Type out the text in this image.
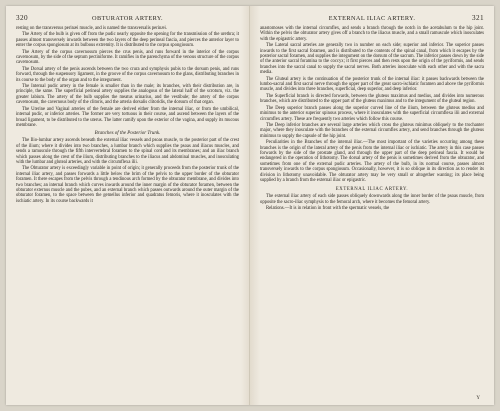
320	OBTURATOR ARTERY.

resting on the transversus perinæi muscle, and is named the transversalis perinæi.

The Artery of the bulb is given off from the pudic nearly opposite the opening for the transmission of the urethra; it passes almost transversely inwards between the two layers of the deep perineal fascia, and pierces the anterior layer to enter the corpus spongiosum at its bulbous extremity. It is distributed to the corpus spongiosum.

The Artery of the corpus cavernosum pierces the crus penis, and runs forward in the interior of the corpus cavernosum, by the side of the septum pectiniforme. It ramifies in the parenchyma of the venous structure of the corpus cavernosum.

The Dorsal artery of the penis ascends between the two crura and symphysis pubis to the dorsum penis, and runs forward, through the suspensory ligament, in the groove of the corpus cavernosum to the glans, distributing branches in its course to the body of the organ and to the integument.

The Internal pudic artery in the female is smaller than in the male; its branches, with their distribution are, in principle, the same. The superficial perineal artery supplies the analogous of the lateral half of the scrotum, viz. the greater labium. The artery of the bulb supplies the meatus urinarius, and the vestibule; the artery of the corpus cavernosum, the cavernous body of the clitoris, and the arteria dorsalis clitoridis, the dorsum of that organ.

The Uterine and Vaginal arteries of the female are derived either from the internal iliac, or from the umbilical, internal pudic, or inferior arteries. The former are very tortuous in their course, and ascend between the layers of the broad ligament, to be distributed to the uterus. The latter ramify upon the exterior of the vagina, and supply its mucous membrane.

Branches of the Posterior Trunk.

The Ilio-lumbar artery ascends beneath the external iliac vessels and psoas muscle, to the posterior part of the crest of the ilium; where it divides into two branches, a lumbar branch which supplies the psoas and iliacus muscles, and sends a ramuscule through the fifth intervertebral foramen to the spinal cord and its membranes; and an iliac branch which passes along the crest of the ilium, distributing branches to the iliacus and abdominal muscles, and inosculating with the lumbar and gluteal arteries, and with the circumflexa ilii.

The Obturator artery is exceedingly variable in point of origin; it generally proceeds from the posterior trunk of the internal iliac artery, and passes forwards a little below the brim of the pelvis to the upper border of the obturator foramen. It there escapes from the pelvis through a tendinous arch formed by the obturator membrane, and divides into two branches; an internal branch which curves inwards around the inner margin of the obturator foramen, between the obturator externus muscle and the pubes, and an external branch which passes outwards around the outer margin of the obturator foramen, to the space between the gemellus inferior and quadratus femoris, where it inosculates with the ischiatic artery. In its course backwards it

EXTERNAL ILIAC ARTERY.	321

anastomoses with the internal circumflex, and sends a branch through the notch in the acetabulum to the hip joint. Within the pelvis the obturator artery gives off a branch to the iliacus muscle, and a small ramuscule which inosculates with the epigastric artery.

The Lateral sacral arteries are generally two in number on each side; superior and inferior. The superior passes inwards to the first sacral foramen, and is distributed to the contents of the spinal canal, from which it escapes by the posterior sacral foramen, and supplies the integument on the dorsum of the sacrum. The inferior passes down by the side of the anterior sacral foramina to the coccyx; it first pierces and then rests upon the origin of the pyriformis, and sends branches into the sacral canal to supply the sacral nerves. Both arteries inosculate with each other and with the sacra media.

The Gluteal artery is the continuation of the posterior trunk of the internal iliac: it passes backwards between the lumbo-sacral and first sacral nerve through the upper part of the great sacro-ischiatic foramen and above the pyriformis muscle, and divides into three branches, superficial, deep superior, and deep inferior.

The Superficial branch is directed forwards, between the gluteus maximus and medius, and divides into numerous branches, which are distributed to the upper part of the gluteus maximus and to the integument of the gluteal region.

The Deep superior branch passes along the superior curved line of the ilium, between the gluteus medius and minimus to the anterior superior spinous process, where it inosculates with the superficial circumflexa ilii and external circumflex artery. These are frequently two arteries which follow this course.

The Deep inferior branches are several large arteries which cross the gluteus minimus obliquely to the trochanter major, where they inosculate with the branches of the external circumflex artery, and send branches through the gluteus minimus to supply the capsule of the hip joint.

Peculiarities in the Branches of the internal iliac.—The most important of the varieties occurring among these branches is the origin of the lateral artery of the penis from the internal iliac or ischiatic. The artery in this case passes forwards by the side of the prostate gland, and through the upper part of the deep perineal fascia. It would be endangered in the operation of lithotomy. The dorsal artery of the penis is sometimes derived from the obturator, and sometimes from one of the external pudic arteries. The artery of the bulb, in its normal course, passes almost transversely inwards to the corpus spongiosum. Occasionally, however, it is so oblique in its direction as to render its division in lithotomy unavoidable. The obturator artery may be very small or altogether wanting; its place being supplied by a branch from the external iliac or epigastric.

EXTERNAL ILIAC ARTERY.

The external iliac artery of each side passes obliquely downwards along the inner border of the psoas muscle, from opposite the sacro-iliac symphysis to the femoral arch, where it becomes the femoral artery.

Relations.—It is in relation in front with the spermatic vessels, the

Y
